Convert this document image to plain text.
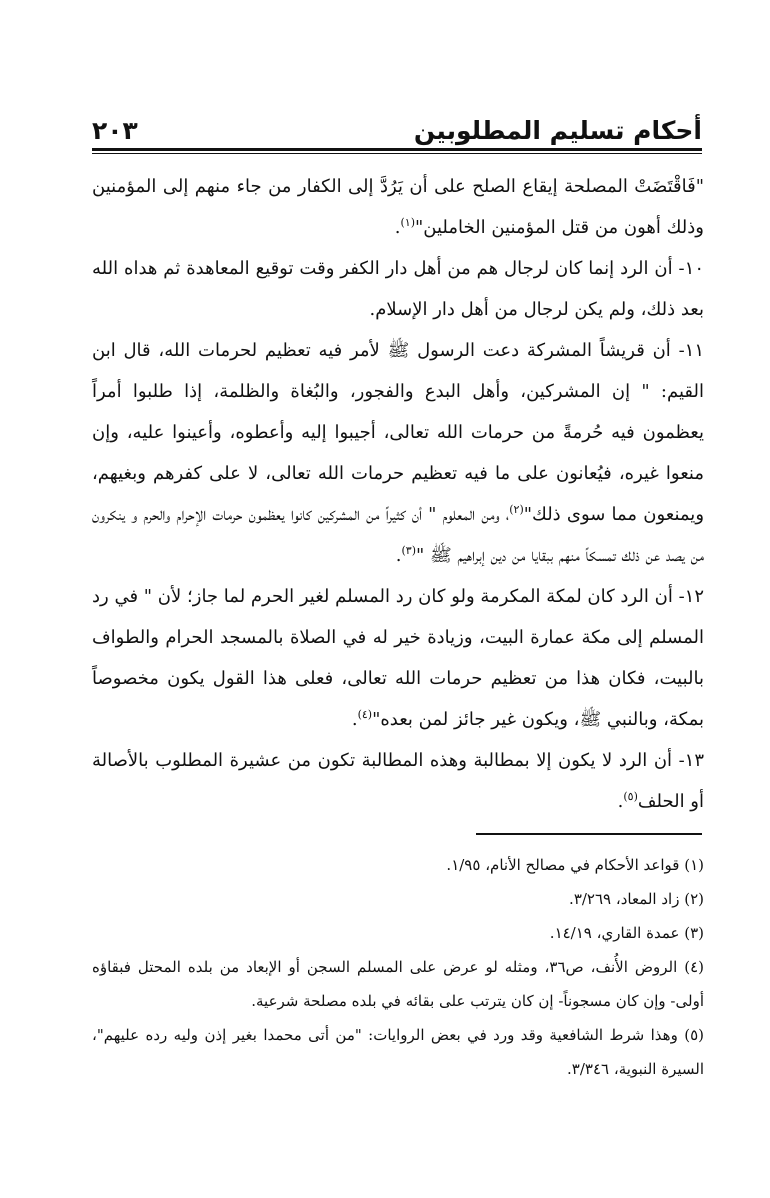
أحكام تسليم المطلوبين
٢٠٣

"فَاقْتَضَتْ المصلحة إيقاع الصلح على أن يَرُدَّ إلى الكفار من جاء منهم إلى المؤمنين وذلك أهون من قتل المؤمنين الخاملين"$^{(١)}$.

١٠- أن الرد إنما كان لرجال هم من أهل دار الكفر وقت توقيع المعاهدة ثم هداه الله بعد ذلك، ولم يكن لرجال من أهل دار الإسلام.

١١- أن قريشاً المشركة دعت الرسول ﷺ لأمر فيه تعظيم لحرمات الله، قال ابن القيم: " إن المشركين، وأهل البدع والفجور، والبُغاة والظلمة، إذا طلبوا أمراً يعظمون فيه حُرمةً من حرمات الله تعالى، أجيبوا إليه وأعطوه، وأعينوا عليه، وإن منعوا غيره، فيُعانون على ما فيه تعظيم حرمات الله تعالى، لا على كفرهم وبغيهم، ويمنعون مما سوى ذلك"$^{(٢)}$، ومن المعلوم " أن كثيراً من المشركين كانوا يعظمون حرمات الإحرام والحرم و ينكرون من يصد عن ذلك تمسكاً منهم ببقايا من دين إبراهيم ﷺ "$^{(٣)}$.

١٢- أن الرد كان لمكة المكرمة ولو كان رد المسلم لغير الحرم لما جاز؛ لأن " في رد المسلم إلى مكة عمارة البيت، وزيادة خير له في الصلاة بالمسجد الحرام والطواف بالبيت، فكان هذا من تعظيم حرمات الله تعالى، فعلى هذا القول يكون مخصوصاً بمكة، وبالنبي ﷺ، ويكون غير جائز لمن بعده"$^{(٤)}$.

١٣- أن الرد لا يكون إلا بمطالبة وهذه المطالبة تكون من عشيرة المطلوب بالأصالة أو الحلف$^{(٥)}$.

(١) قواعد الأحكام في مصالح الأنام، ١/٩٥.

(٢) زاد المعاد، ٣/٢٦٩.

(٣) عمدة القاري، ١٤/١٩.

(٤) الروض الأُنف، ص٣٦، ومثله لو عرض على المسلم السجن أو الإبعاد من بلده المحتل فبقاؤه أولى- وإن كان مسجوناً- إن كان يترتب على بقائه في بلده مصلحة شرعية.

(٥) وهذا شرط الشافعية وقد ورد في بعض الروايات: "من أتى محمدا بغير إذن وليه رده عليهم"، السيرة النبوية، ٣/٣٤٦.
